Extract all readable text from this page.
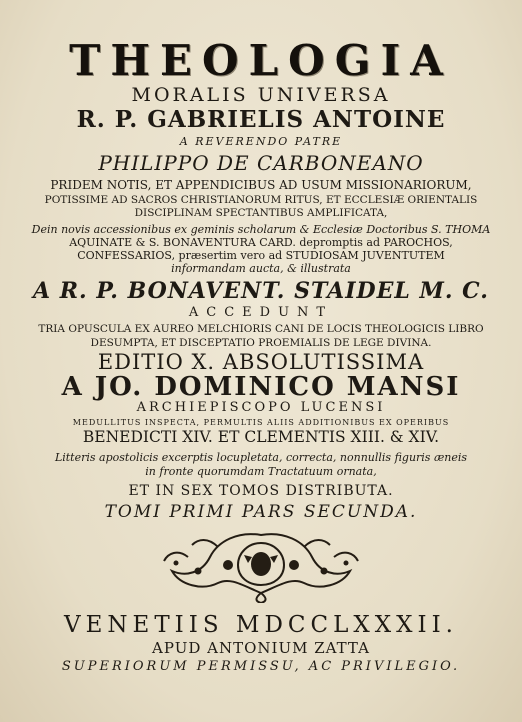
THEOLOGIA
MORALIS UNIVERSA
R. P. GABRIELIS ANTOINE
A REVERENDO PATRE
PHILIPPO DE CARBONEANO
PRIDEM NOTIS, ET APPENDICIBUS AD USUM MISSIONARIORUM,
POTISSIME AD SACROS CHRISTIANORUM RITUS, ET ECCLESIÆ ORIENTALIS
DISCIPLINAM SPECTANTIBUS AMPLIFICATA,
Dein novis accessionibus ex geminis scholarum & Ecclesiæ Doctoribus S. THOMA
AQUINATE & S. BONAVENTURA CARD. depromptis ad PAROCHOS,
CONFESSARIOS, præsertim vero ad STUDIOSAM JUVENTUTEM
informandam aucta, & illustrata
A R. P. BONAVENT. STAIDEL M. C.
ACCEDUNT
TRIA OPUSCULA EX AUREO MELCHIORIS CANI DE LOCIS THEOLOGICIS LIBRO
DESUMPTA, ET DISCEPTATIO PROEMIALIS DE LEGE DIVINA.
EDITIO X. ABSOLUTISSIMA
A JO. DOMINICO MANSI
ARCHIEPISCOPO LUCENSI
MEDULLITUS INSPECTA, PERMULTIS ALIIS ADDITIONIBUS EX OPERIBUS
BENEDICTI XIV. ET CLEMENTIS XIII. & XIV.
Litteris apostolicis excerptis locupletata, correcta, nonnullis figuris æneis
in fronte quorumdam Tractatuum ornata,
ET IN SEX TOMOS DISTRIBUTA.
TOMI PRIMI PARS SECUNDA.
VENETIIS MDCCLXXXII.
APUD ANTONIUM ZATTA
SUPERIORUM PERMISSU, AC PRIVILEGIO.
